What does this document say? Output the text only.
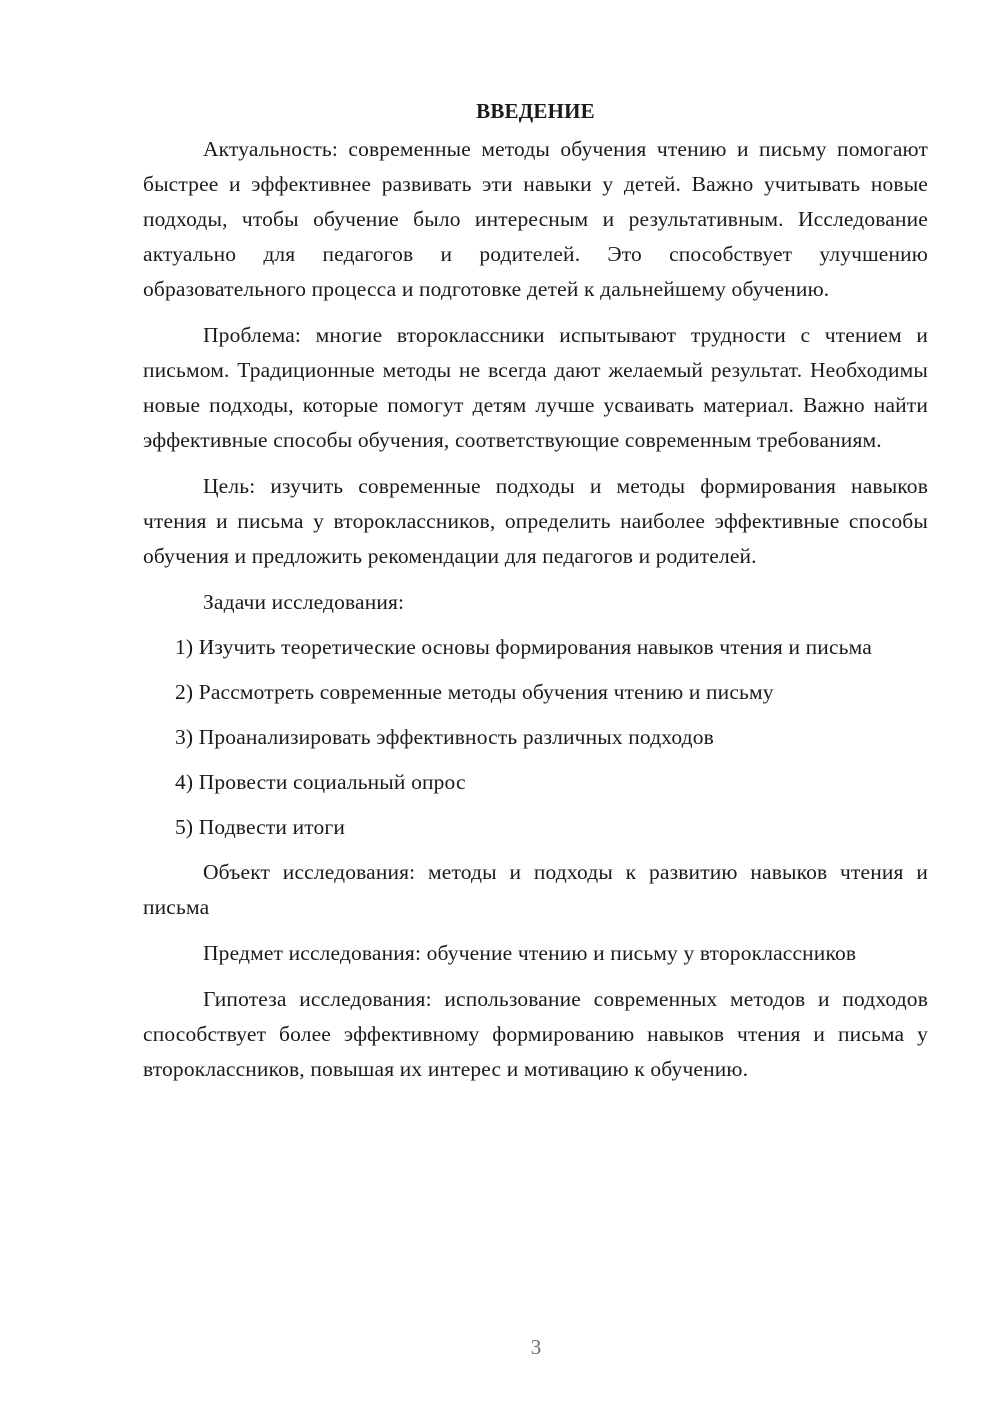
ВВЕДЕНИЕ

Актуальность: современные методы обучения чтению и письму помогают быстрее и эффективнее развивать эти навыки у детей. Важно учитывать новые подходы, чтобы обучение было интересным и результативным. Исследование актуально для педагогов и родителей. Это способствует улучшению образовательного процесса и подготовке детей к дальнейшему обучению.

Проблема: многие второклассники испытывают трудности с чтением и письмом. Традиционные методы не всегда дают желаемый результат. Необходимы новые подходы, которые помогут детям лучше усваивать материал. Важно найти эффективные способы обучения, соответствующие современным требованиям.

Цель: изучить современные подходы и методы формирования навыков чтения и письма у второклассников, определить наиболее эффективные способы обучения и предложить рекомендации для педагогов и родителей.

Задачи исследования:

1) Изучить теоретические основы формирования навыков чтения и письма

2) Рассмотреть современные методы обучения чтению и письму

3) Проанализировать эффективность различных подходов

4) Провести социальный опрос

5) Подвести итоги

Объект исследования: методы и подходы к развитию навыков чтения и письма

Предмет исследования: обучение чтению и письму у второклассников

Гипотеза исследования: использование современных методов и подходов способствует более эффективному формированию навыков чтения и письма у второклассников, повышая их интерес и мотивацию к обучению.

3
